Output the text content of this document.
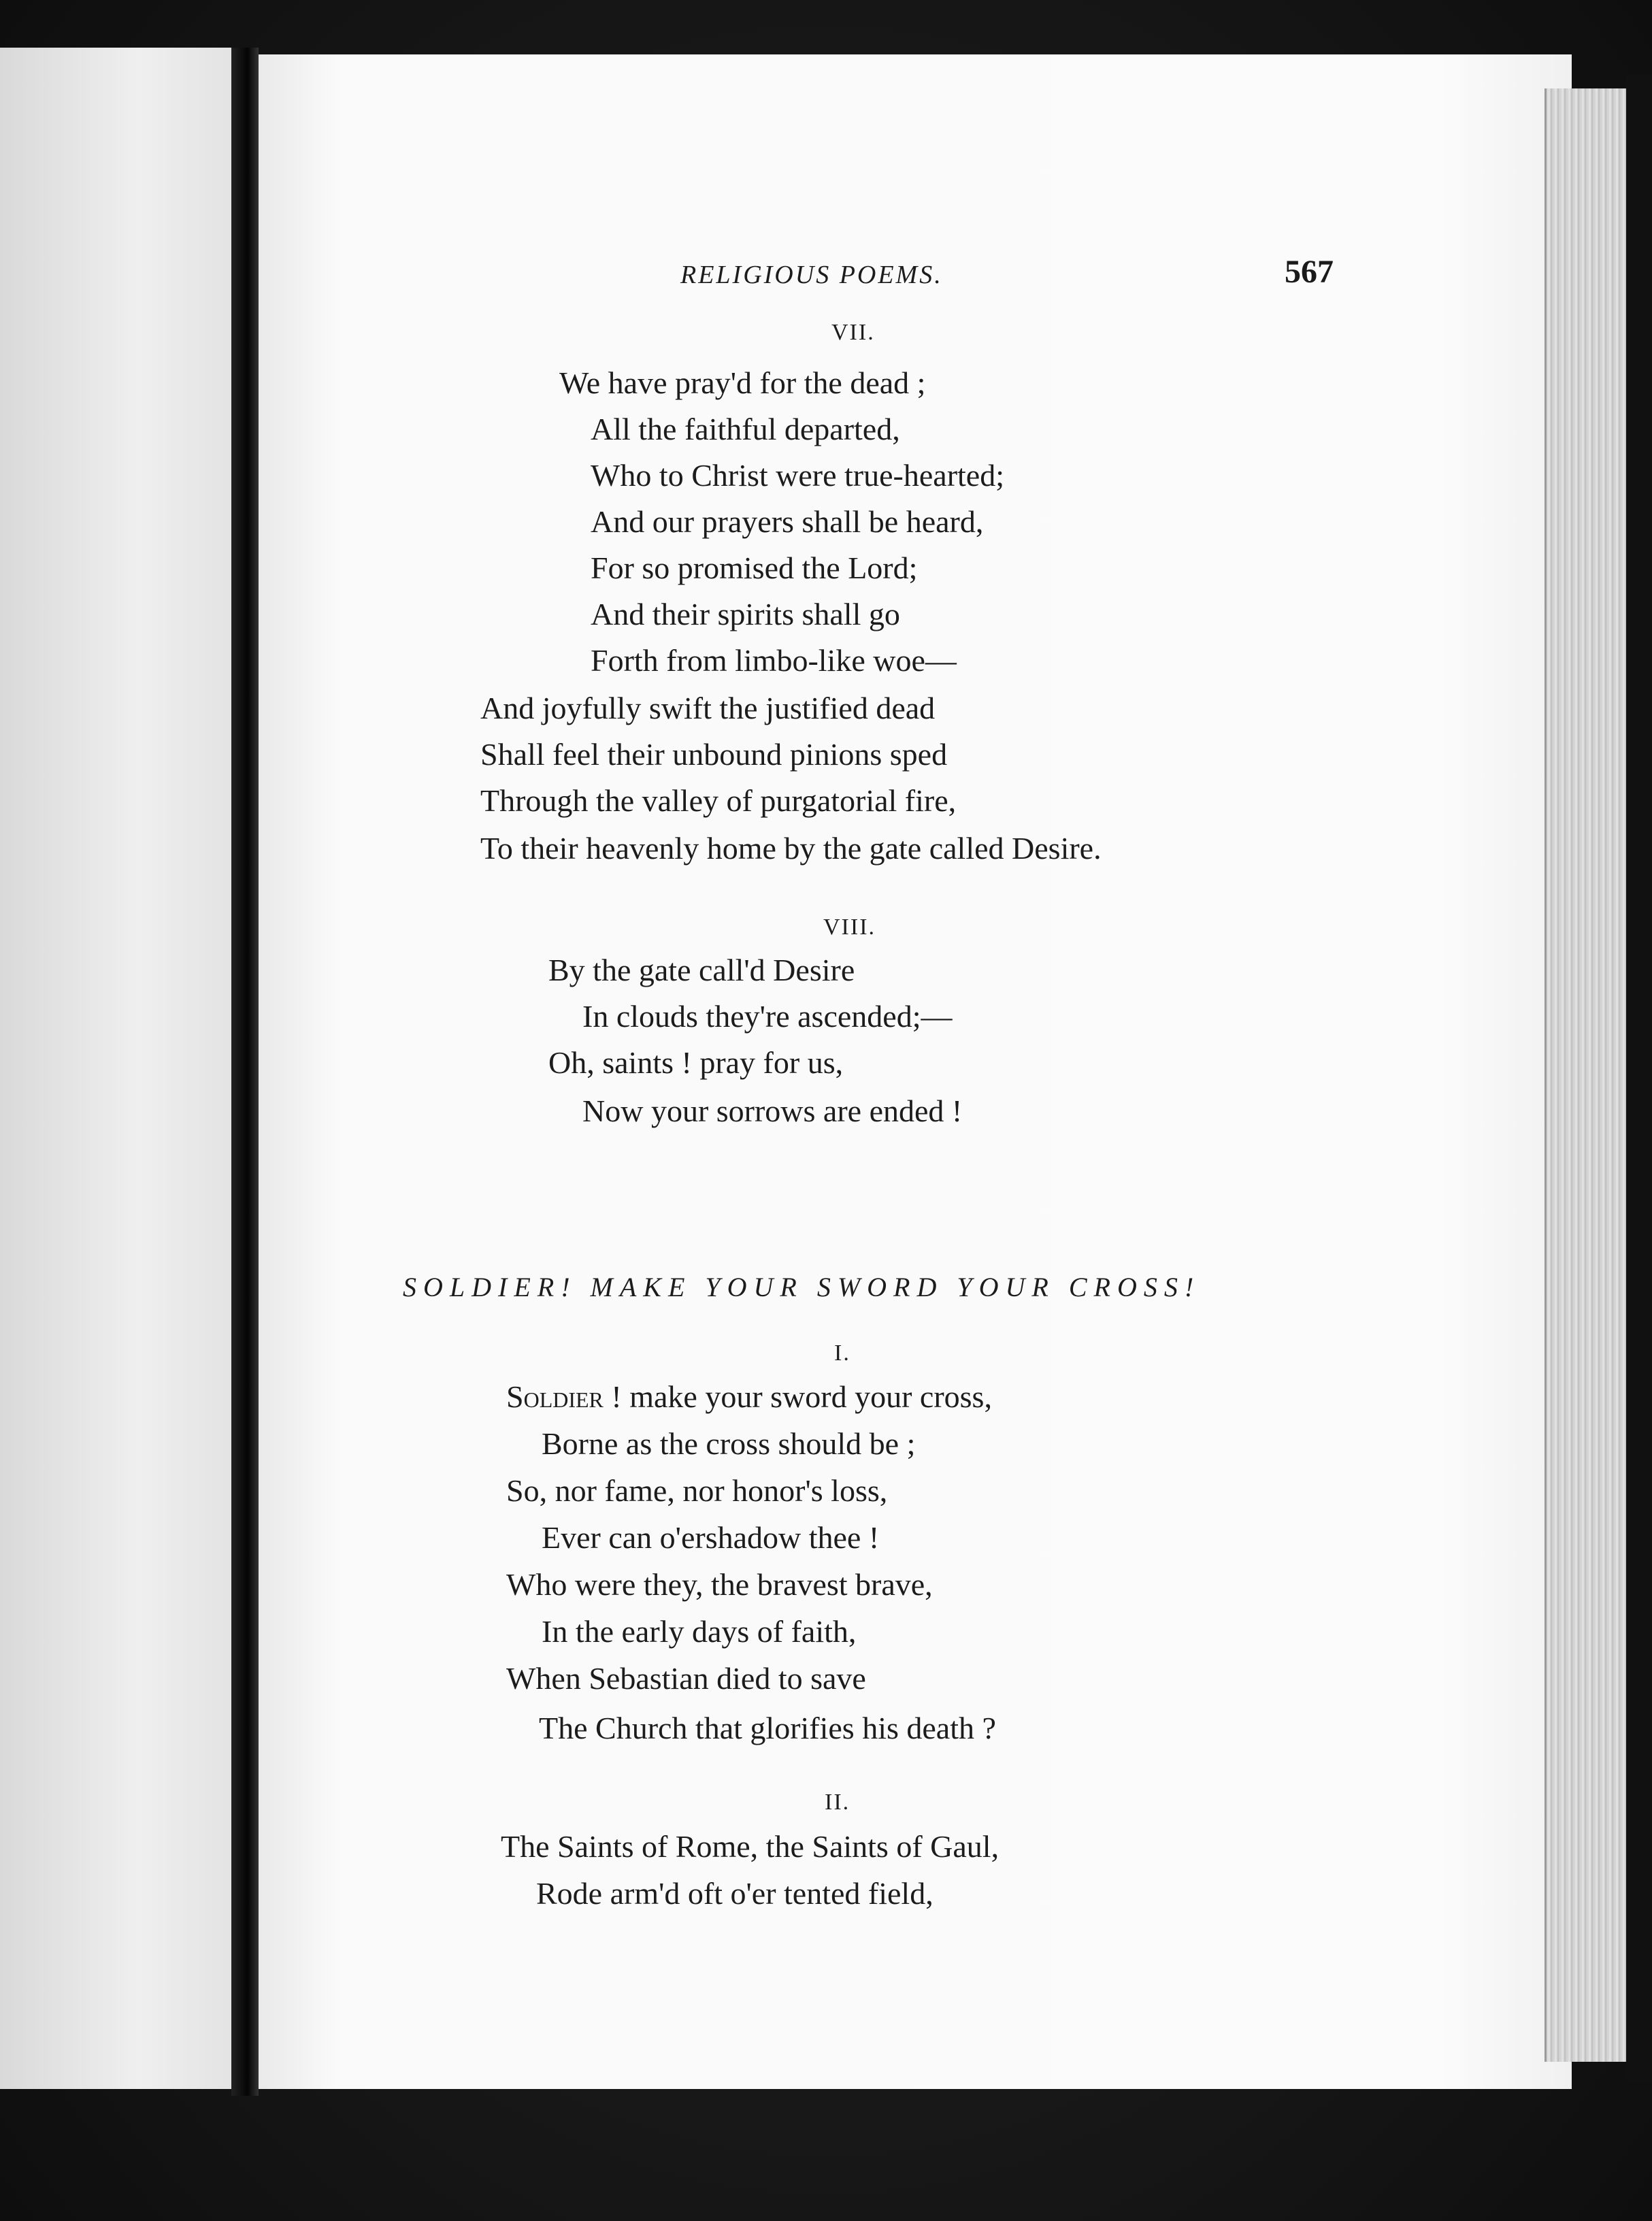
RELIGIOUS POEMS.	567
VII.
We have pray'd for the dead ;
All the faithful departed,
Who to Christ were true-hearted;
And our prayers shall be heard,
For so promised the Lord;
And their spirits shall go
Forth from limbo-like woe—
And joyfully swift the justified dead
Shall feel their unbound pinions sped
Through the valley of purgatorial fire,
To their heavenly home by the gate called Desire.
VIII.
By the gate call'd Desire
In clouds they're ascended;—
Oh, saints ! pray for us,
Now your sorrows are ended !
SOLDIER! MAKE YOUR SWORD YOUR CROSS!
I.
Soldier ! make your sword your cross,
Borne as the cross should be ;
So, nor fame, nor honor's loss,
Ever can o'ershadow thee !
Who were they, the bravest brave,
In the early days of faith,
When Sebastian died to save
The Church that glorifies his death ?
II.
The Saints of Rome, the Saints of Gaul,
Rode arm'd oft o'er tented field,
